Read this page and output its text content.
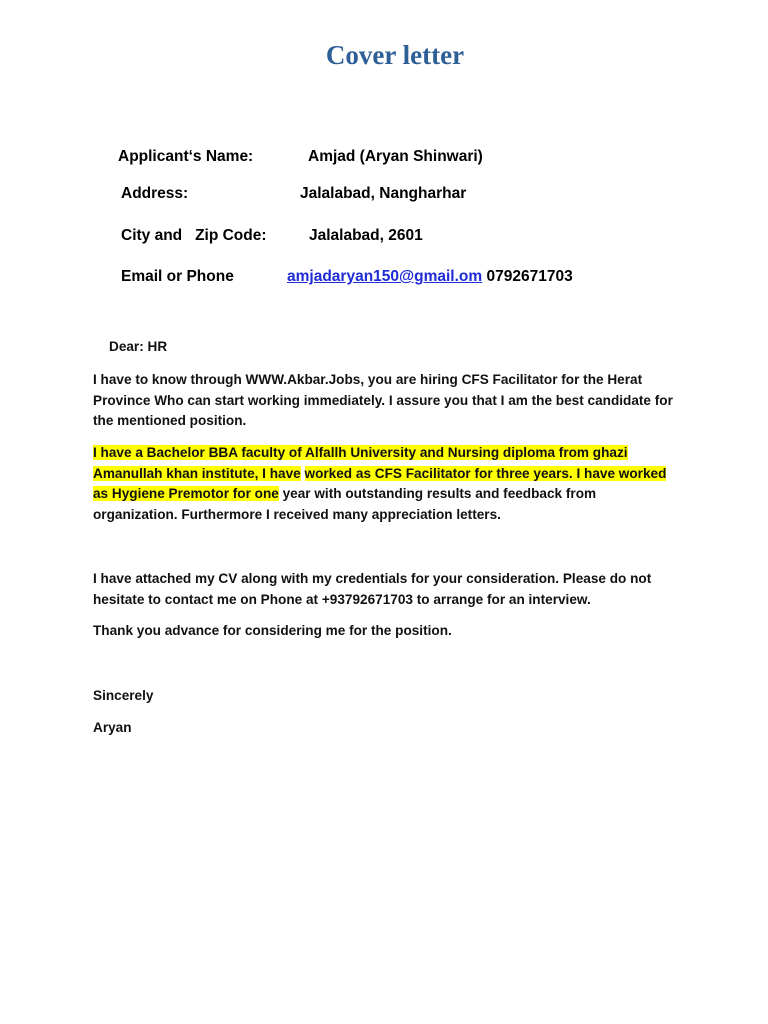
Cover letter
Applicant‘s Name:	Amjad (Aryan Shinwari)
Address:	Jalalabad, Nangharhar
City and   Zip Code:	Jalalabad, 2601
Email or Phone	amjadaryan150@gmail.om 0792671703

Dear: HR

I have to know through WWW.Akbar.Jobs, you are hiring CFS Facilitator for the Herat Province Who can start working immediately. I assure you that I am the best candidate for the mentioned position.

I have a Bachelor BBA faculty of Alfallh University and Nursing diploma from ghazi Amanullah khan institute, I have worked as CFS Facilitator for three years. I have worked as Hygiene Premotor for one year with outstanding results and feedback from organization. Furthermore I received many appreciation letters.

I have attached my CV along with my credentials for your consideration. Please do not hesitate to contact me on Phone at +93792671703 to arrange for an interview.

Thank you advance for considering me for the position.

Sincerely

Aryan
